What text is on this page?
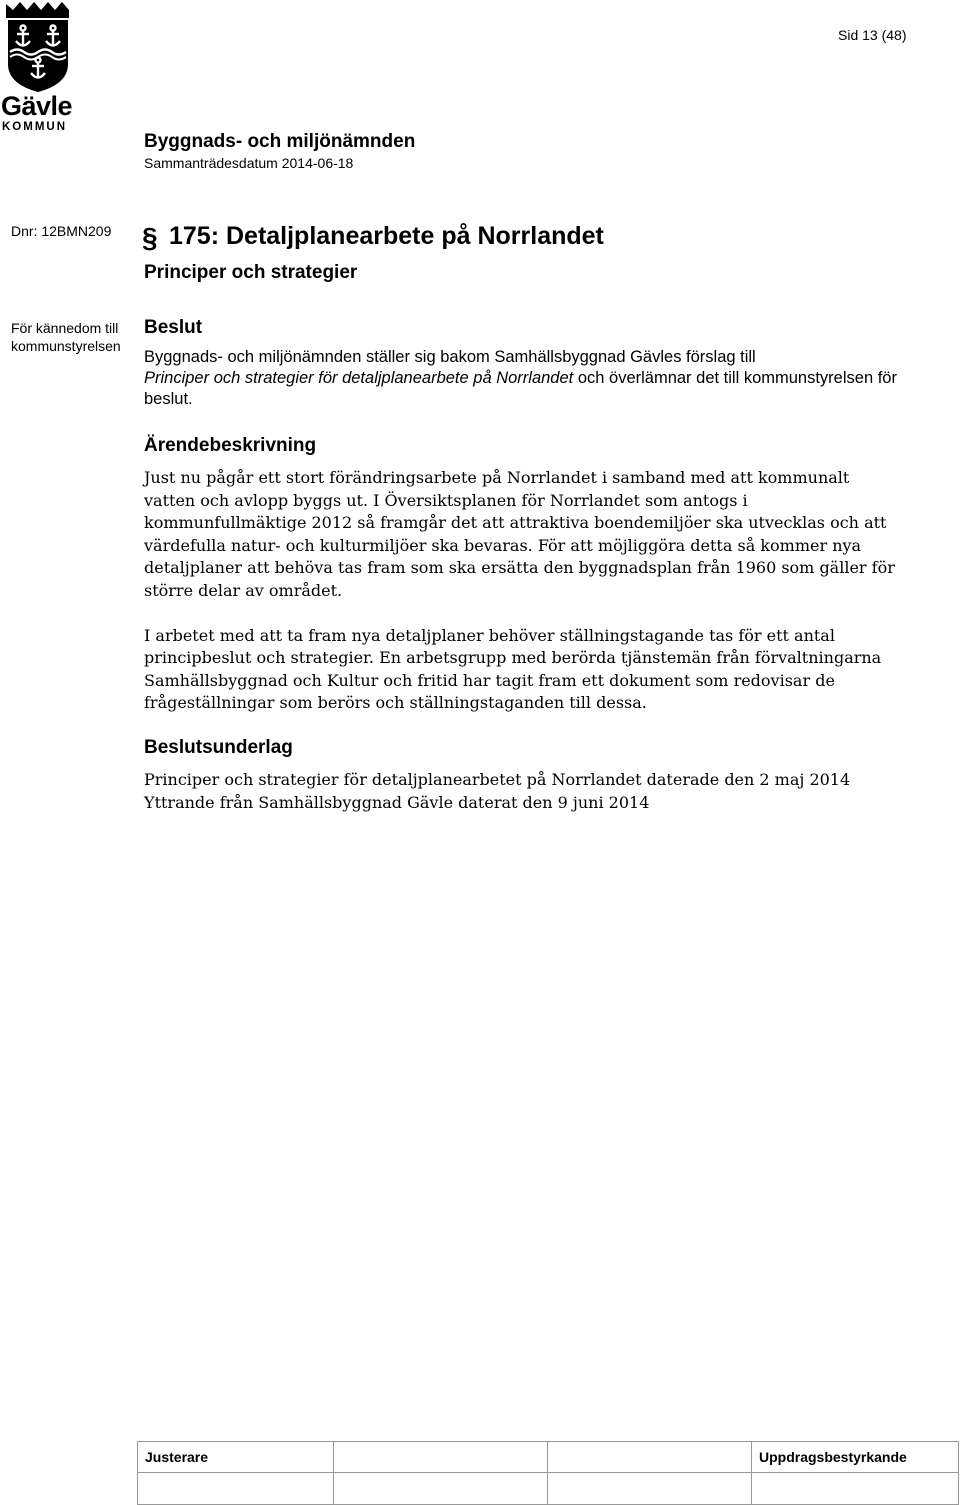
Gävle
KOMMUN
Sid 13 (48)
Byggnads- och miljönämnden
Sammanträdesdatum 2014-06-18
Dnr: 12BMN209 § 175: Detaljplanearbete på Norrlandet
Principer och strategier
För kännedom till
kommunstyrelsen
Beslut

Byggnads- och miljönämnden ställer sig bakom Samhällsbyggnad Gävles förslag till
Principer och strategier för detaljplanearbete på Norrlandet och överlämnar det till kommunstyrelsen för beslut.

Ärendebeskrivning

Just nu pågår ett stort förändringsarbete på Norrlandet i samband med att kommunalt vatten och avlopp byggs ut. I Översiktsplanen för Norrlandet som antogs i kommunfullmäktige 2012 så framgår det att attraktiva boendemiljöer ska utvecklas och att värdefulla natur- och kulturmiljöer ska bevaras. För att möjliggöra detta så kommer nya detaljplaner att behöva tas fram som ska ersätta den byggnadsplan från 1960 som gäller för större delar av området.

I arbetet med att ta fram nya detaljplaner behöver ställningstagande tas för ett antal principbeslut och strategier. En arbetsgrupp med berörda tjänstemän från förvaltningarna Samhällsbyggnad och Kultur och fritid har tagit fram ett dokument som redovisar de frågeställningar som berörs och ställningstaganden till dessa.

Beslutsunderlag

Principer och strategier för detaljplanearbetet på Norrlandet daterade den 2 maj 2014

Yttrande från Samhällsbyggnad Gävle daterat den 9 juni 2014

Justerare			Uppdragsbestyrkande
